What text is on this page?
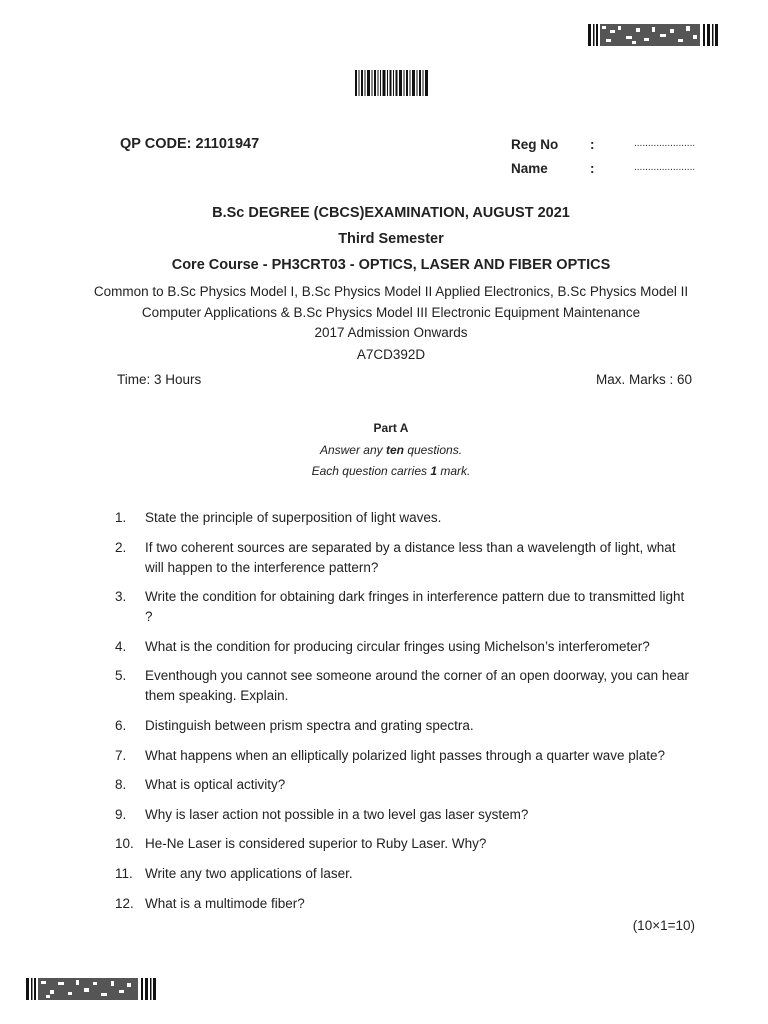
QP CODE: 21101947	Reg No :	......................
Name	:	......................
B.Sc DEGREE (CBCS)EXAMINATION, AUGUST 2021
Third Semester
Core Course - PH3CRT03 - OPTICS, LASER AND FIBER OPTICS
Common to B.Sc Physics Model I, B.Sc Physics Model II Applied Electronics, B.Sc Physics Model II
Computer Applications & B.Sc Physics Model III Electronic Equipment Maintenance
2017 Admission Onwards
A7CD392D
Time: 3 Hours	Max. Marks : 60
Part A
Answer any ten questions.
Each question carries 1 mark.
1. State the principle of superposition of light waves.
2. If two coherent sources are separated by a distance less than a wavelength of light, what will happen to the interference pattern?
3. Write the condition for obtaining dark fringes in interference pattern due to transmitted light ?
4. What is the condition for producing circular fringes using Michelson’s interferometer?
5. Eventhough you cannot see someone around the corner of an open doorway, you can hear them speaking. Explain.
6. Distinguish between prism spectra and grating spectra.
7. What happens when an elliptically polarized light passes through a quarter wave plate?
8. What is optical activity?
9. Why is laser action not possible in a two level gas laser system?
10. He-Ne Laser is considered superior to Ruby Laser. Why?
11. Write any two applications of laser.
12. What is a multimode fiber?
(10×1=10)
